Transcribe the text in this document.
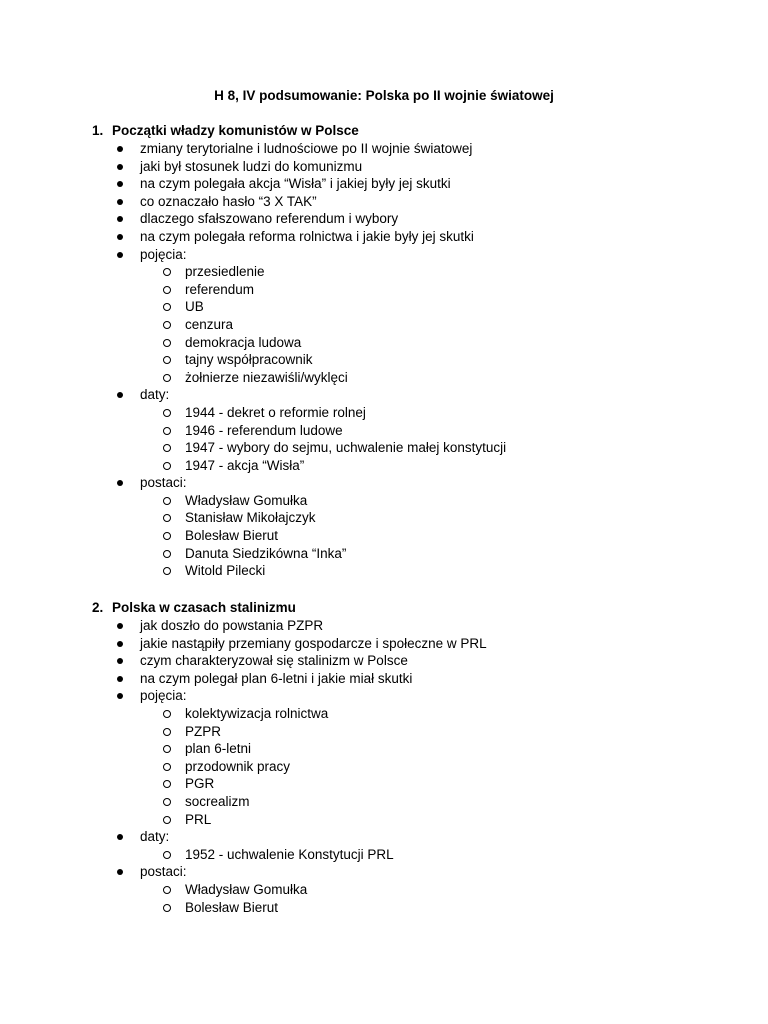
H 8, IV podsumowanie: Polska po II wojnie światowej
1. Początki władzy komunistów w Polsce
zmiany terytorialne i ludnościowe po II wojnie światowej
jaki był stosunek ludzi do komunizmu
na czym polegała akcja “Wisła” i jakiej były jej skutki
co oznaczało hasło “3 X TAK”
dlaczego sfałszowano referendum i wybory
na czym polegała reforma rolnictwa i jakie były jej skutki
pojęcia:
przesiedlenie
referendum
UB
cenzura
demokracja ludowa
tajny współpracownik
żołnierze niezawiśli/wyklęci
daty:
1944 - dekret o reformie rolnej
1946 - referendum ludowe
1947 - wybory do sejmu, uchwalenie małej konstytucji
1947 - akcja “Wisła”
postaci:
Władysław Gomułka
Stanisław Mikołajczyk
Bolesław Bierut
Danuta Siedzikówna “Inka”
Witold Pilecki
2. Polska w czasach stalinizmu
jak doszło do powstania PZPR
jakie nastąpiły przemiany gospodarcze i społeczne w PRL
czym charakteryzował się stalinizm w Polsce
na czym polegał plan 6-letni i jakie miał skutki
pojęcia:
kolektywizacja rolnictwa
PZPR
plan 6-letni
przodownik pracy
PGR
socrealizm
PRL
daty:
1952 - uchwalenie Konstytucji PRL
postaci:
Władysław Gomułka
Bolesław Bierut
